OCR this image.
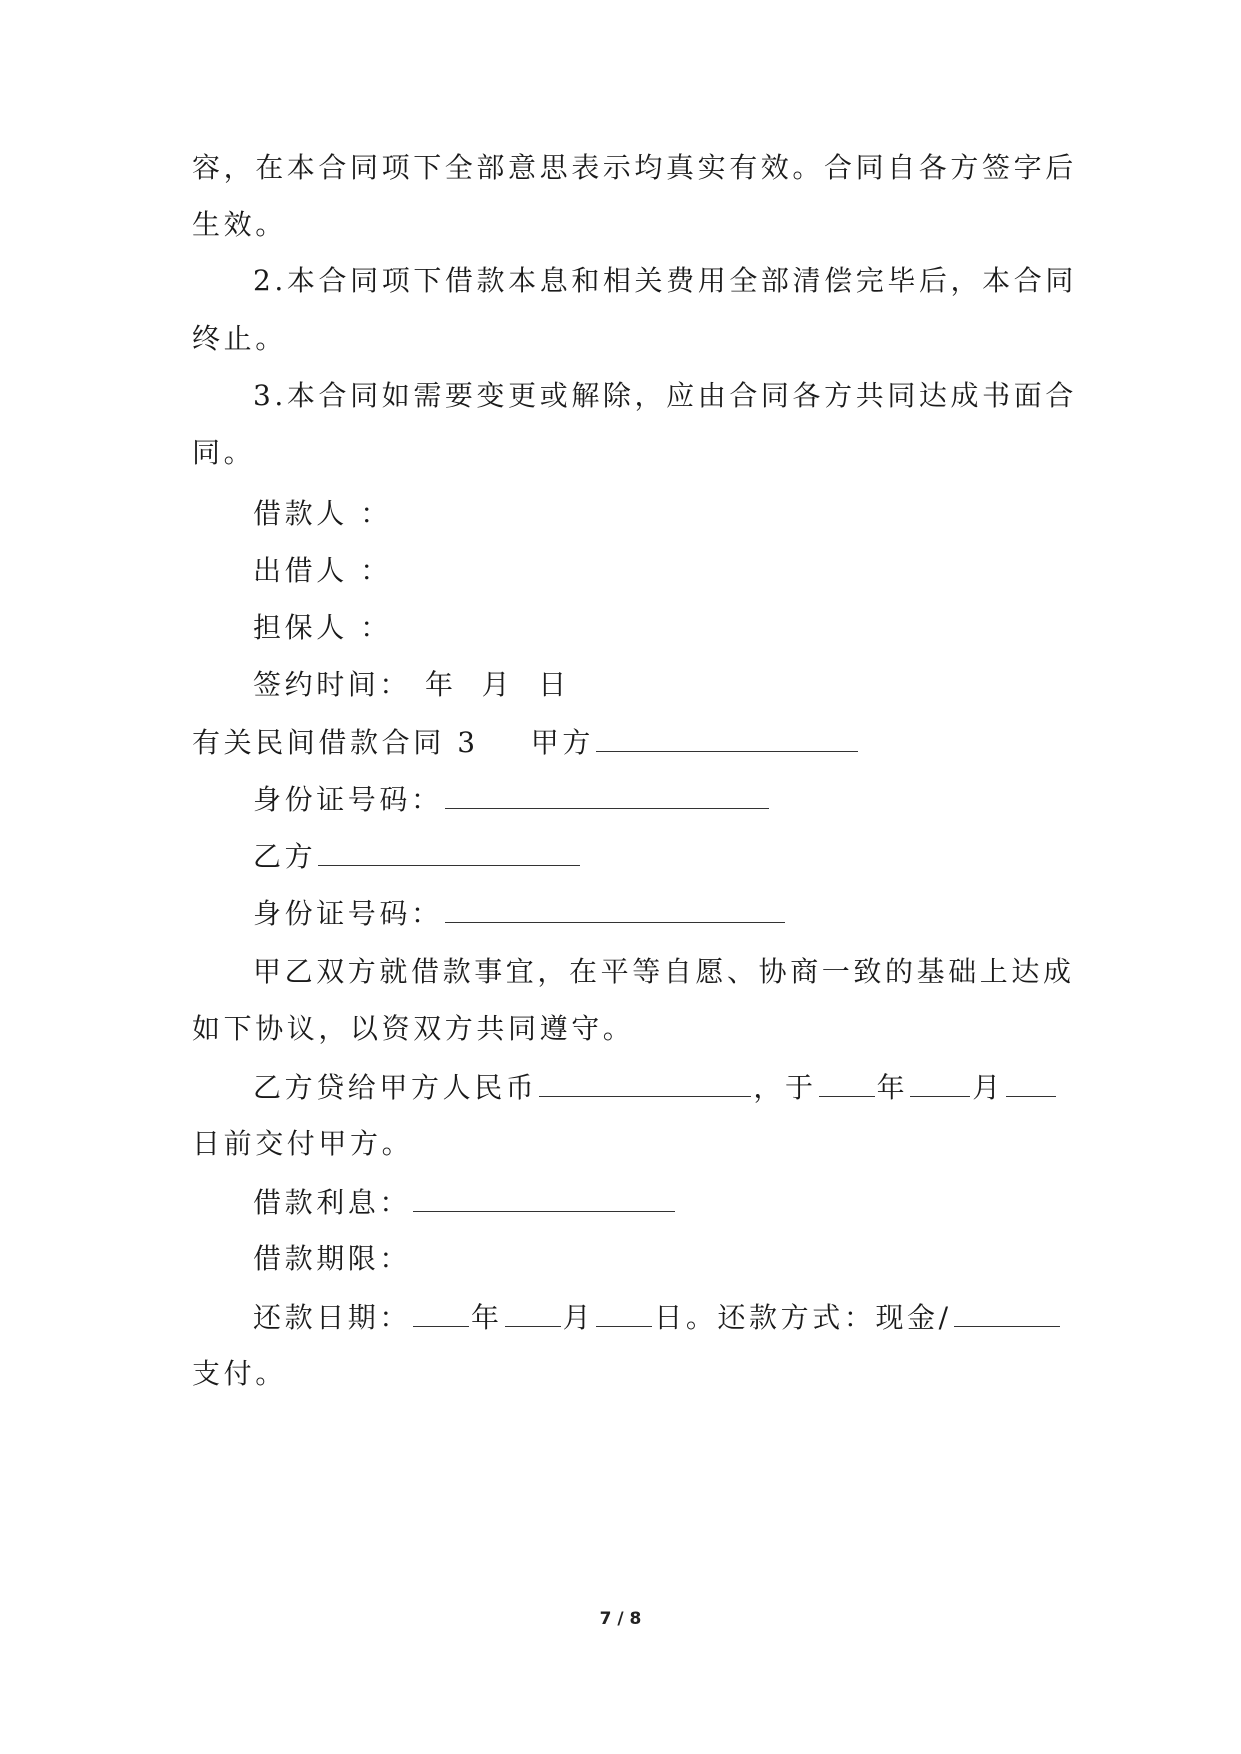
容，在本合同项下全部意思表示均真实有效。合同自各方签字后

生效。

2.本合同项下借款本息和相关费用全部清偿完毕后，本合同

终止。

3.本合同如需要变更或解除，应由合同各方共同达成书面合

同。

借款人 ：

出借人 ：

担保人 ：

签约时间： 年  月  日

有关民间借款合同 3 甲方

身份证号码：

乙方

身份证号码：

甲乙双方就借款事宜，在平等自愿、协商一致的基础上达成

如下协议，以资双方共同遵守。

乙方贷给甲方人民币	，于 年 月

日前交付甲方。

借款利息：

借款期限：

还款日期： 年 月 日。还款方式：现金/

支付。

7 / 8
